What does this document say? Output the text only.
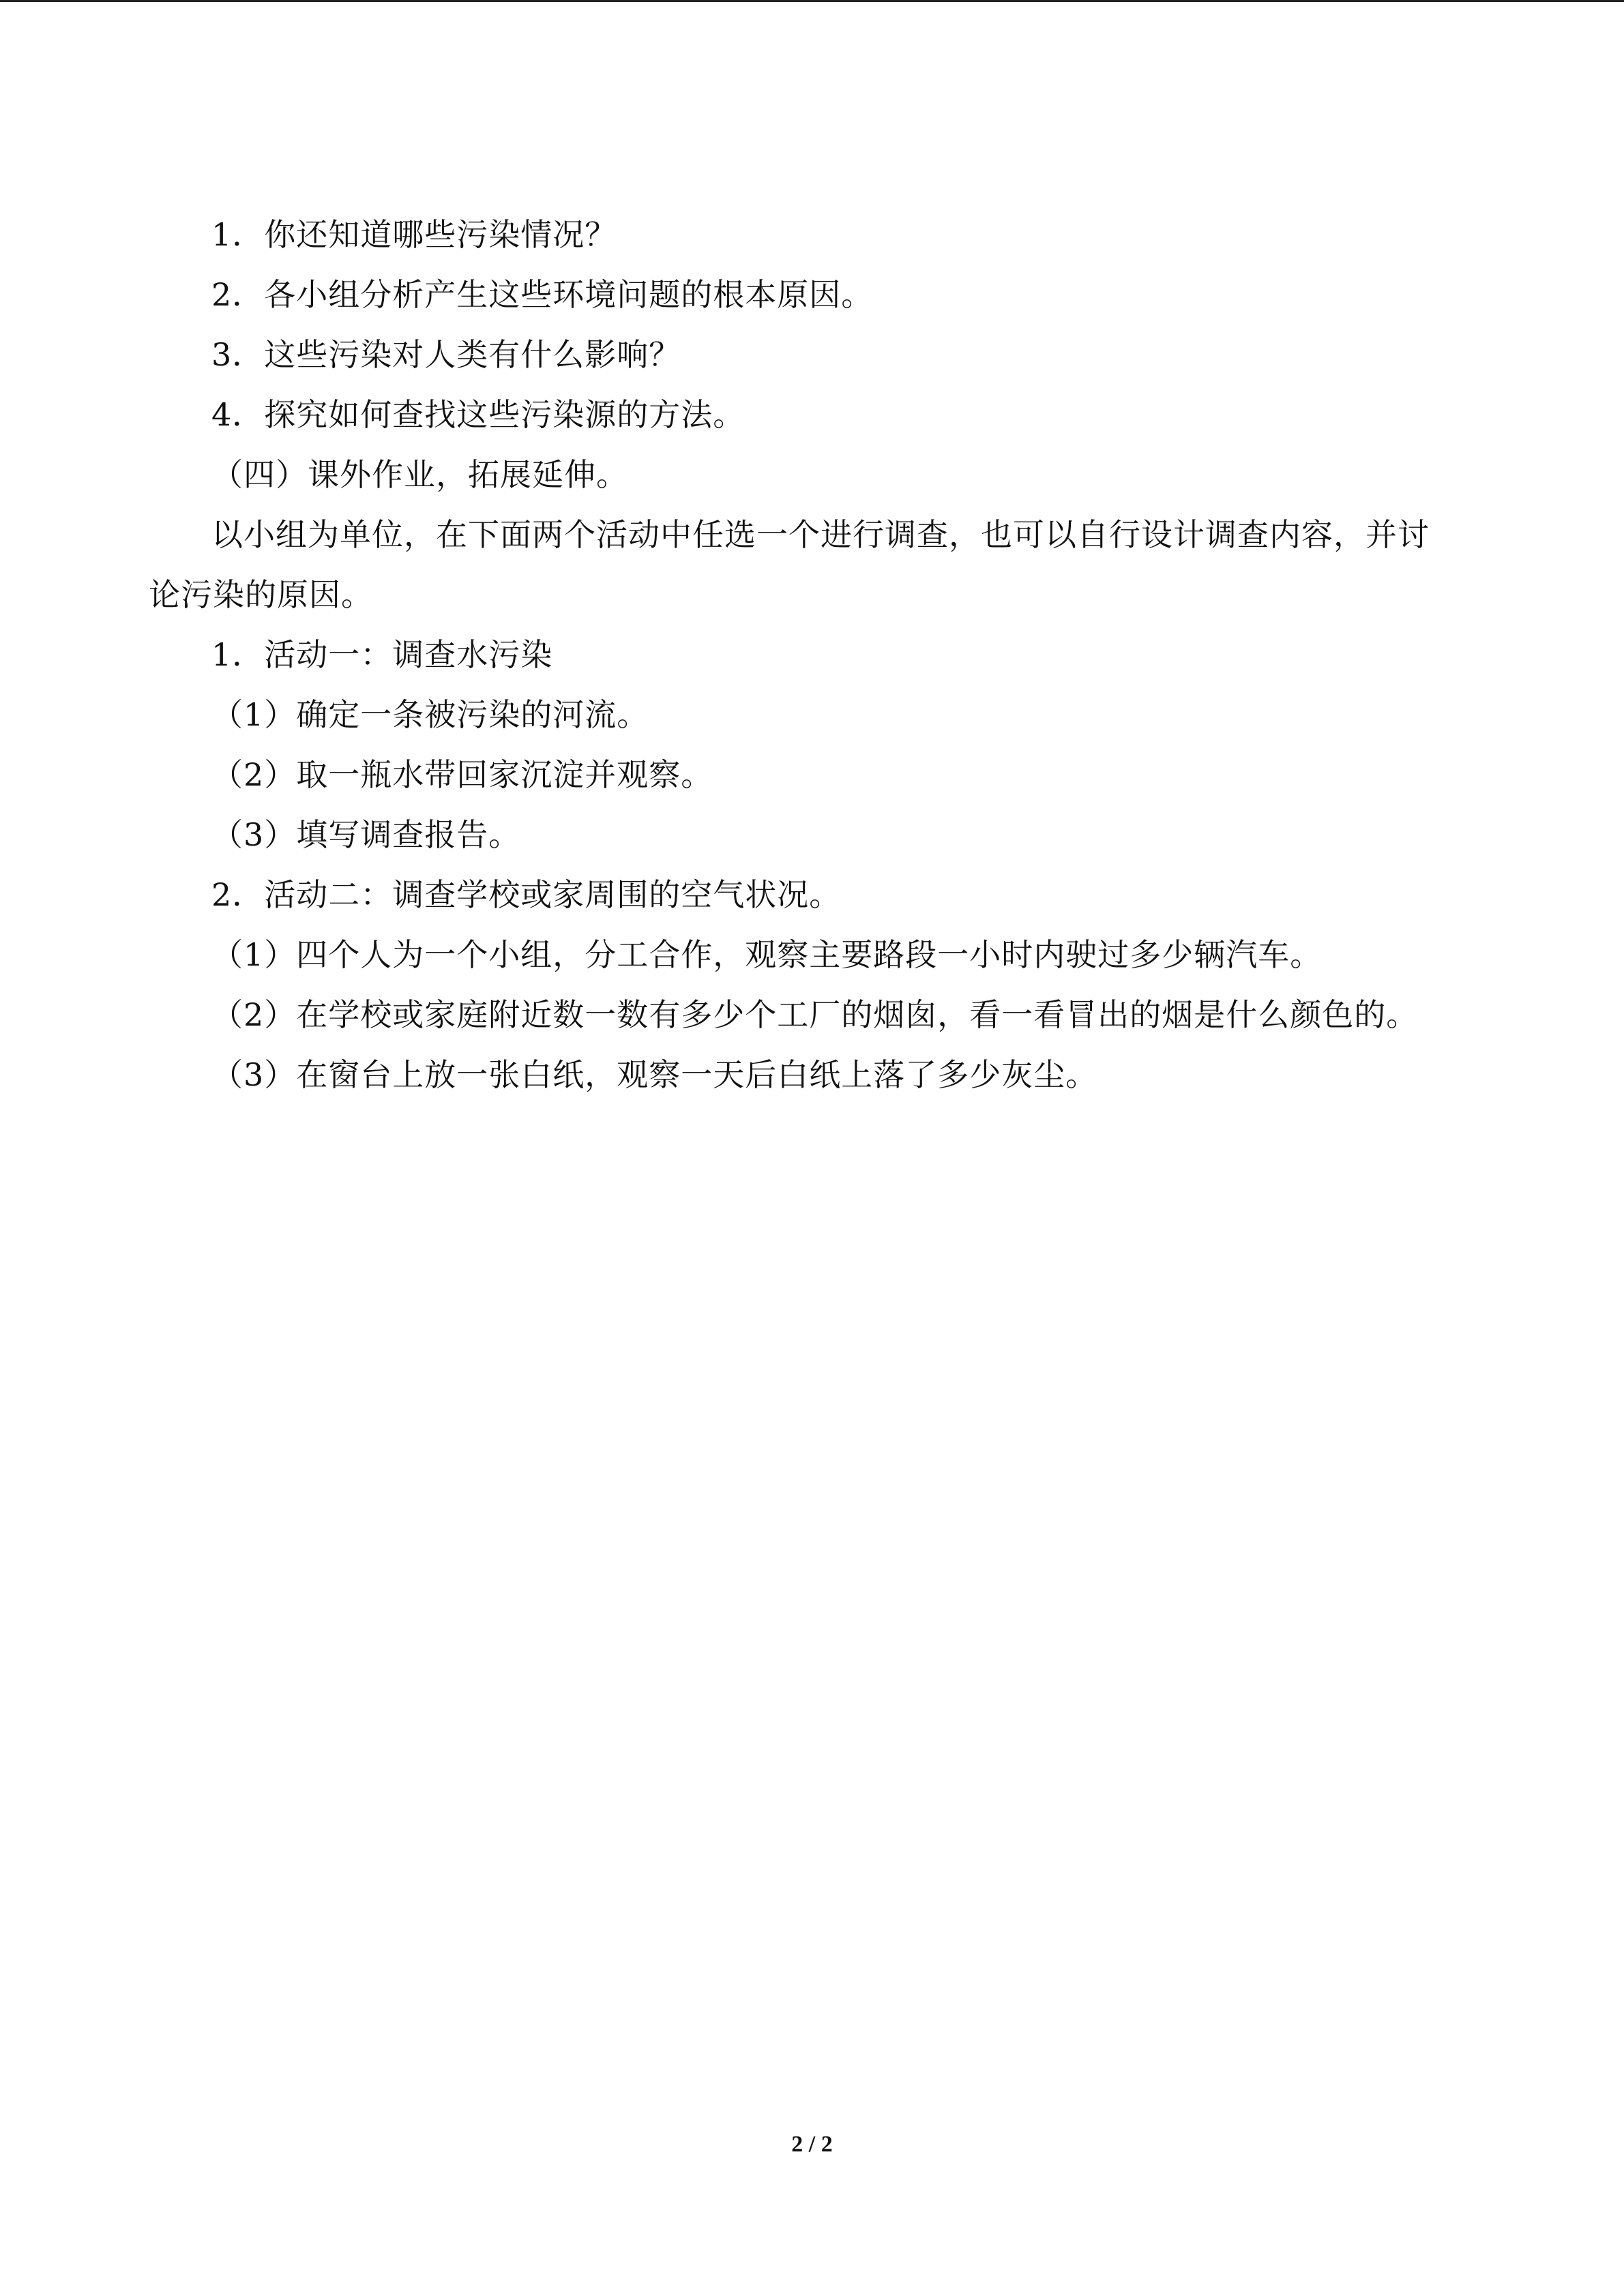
1．你还知道哪些污染情况？
2．各小组分析产生这些环境问题的根本原因。
3．这些污染对人类有什么影响？
4．探究如何查找这些污染源的方法。
（四）课外作业，拓展延伸。
以小组为单位，在下面两个活动中任选一个进行调查，也可以自行设计调查内容，并讨
论污染的原因。
1．活动一：调查水污染
（1）确定一条被污染的河流。
（2）取一瓶水带回家沉淀并观察。
（3）填写调查报告。
2．活动二：调查学校或家周围的空气状况。
（1）四个人为一个小组，分工合作，观察主要路段一小时内驶过多少辆汽车。
（2）在学校或家庭附近数一数有多少个工厂的烟囱，看一看冒出的烟是什么颜色的。
（3）在窗台上放一张白纸，观察一天后白纸上落了多少灰尘。
2 / 2
